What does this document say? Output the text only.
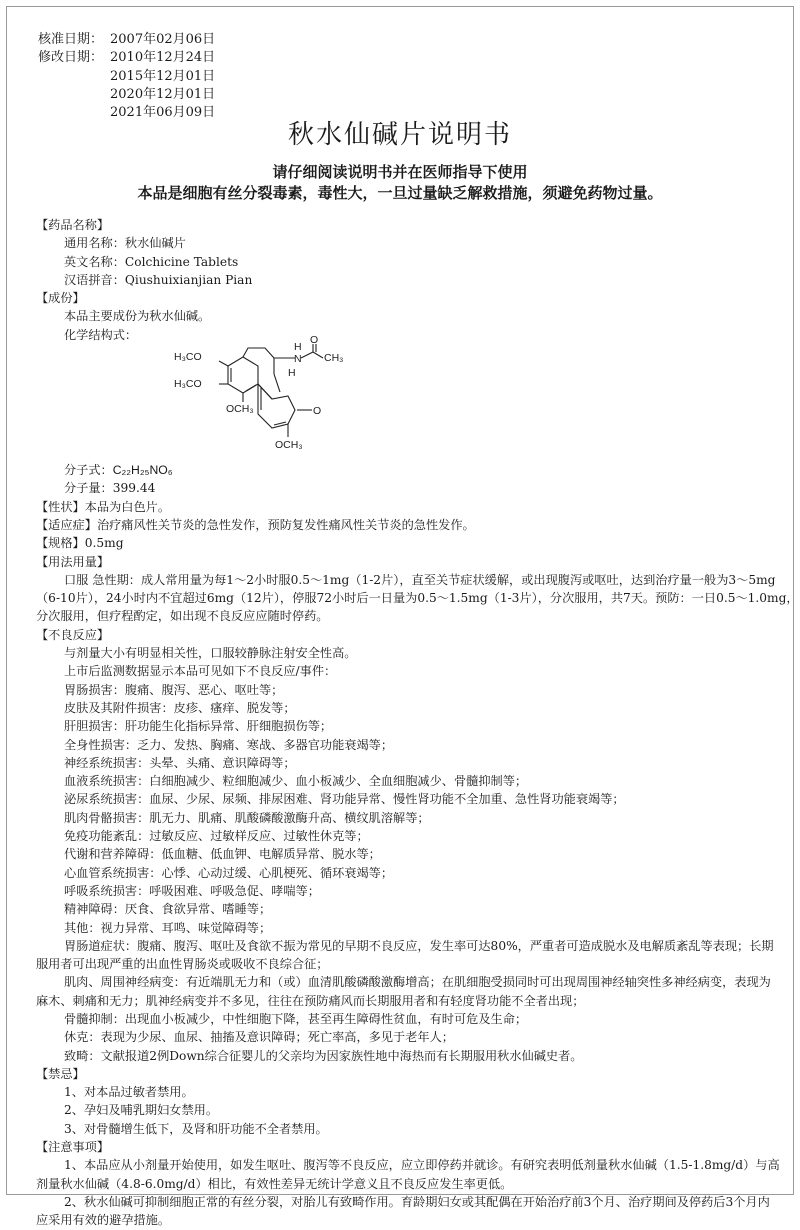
核准日期： 2007年02月06日
修改日期： 2010年12月24日
2015年12月01日
2020年12月01日
2021年06月09日
秋水仙碱片说明书
请仔细阅读说明书并在医师指导下使用
本品是细胞有丝分裂毒素，毒性大，一旦过量缺乏解救措施，须避免药物过量。
【药品名称】
通用名称：秋水仙碱片
英文名称：Colchicine Tablets
汉语拼音：Qiushuixianjian Pian
【成份】
本品主要成份为秋水仙碱。
化学结构式：
H₃CO
H₃CO
OCH₃
OCH₃
O
N
H
H
CH₃
O
分子式：C₂₂H₂₅NO₆
分子量：399.44
【性状】本品为白色片。
【适应症】治疗痛风性关节炎的急性发作，预防复发性痛风性关节炎的急性发作。
【规格】0.5mg
【用法用量】
口服 急性期：成人常用量为每1～2小时服0.5～1mg（1-2片），直至关节症状缓解，或出现腹泻或呕吐，达到治疗量一般为3～5mg
（6-10片），24小时内不宜超过6mg（12片），停服72小时后一日量为0.5～1.5mg（1-3片），分次服用，共7天。预防：一日0.5～1.0mg，
分次服用，但疗程酌定，如出现不良反应应随时停药。
【不良反应】
与剂量大小有明显相关性，口服较静脉注射安全性高。
上市后监测数据显示本品可见如下不良反应/事件：
胃肠损害：腹痛、腹泻、恶心、呕吐等；
皮肤及其附件损害：皮疹、瘙痒、脱发等；
肝胆损害：肝功能生化指标异常、肝细胞损伤等；
全身性损害：乏力、发热、胸痛、寒战、多器官功能衰竭等；
神经系统损害：头晕、头痛、意识障碍等；
血液系统损害：白细胞减少、粒细胞减少、血小板减少、全血细胞减少、骨髓抑制等；
泌尿系统损害：血尿、少尿、尿频、排尿困难、肾功能异常、慢性肾功能不全加重、急性肾功能衰竭等；
肌肉骨骼损害：肌无力、肌痛、肌酸磷酸激酶升高、横纹肌溶解等；
免疫功能紊乱：过敏反应、过敏样反应、过敏性休克等；
代谢和营养障碍：低血糖、低血钾、电解质异常、脱水等；
心血管系统损害：心悸、心动过缓、心肌梗死、循环衰竭等；
呼吸系统损害：呼吸困难、呼吸急促、哮喘等；
精神障碍：厌食、食欲异常、嗜睡等；
其他：视力异常、耳鸣、味觉障碍等；
胃肠道症状：腹痛、腹泻、呕吐及食欲不振为常见的早期不良反应，发生率可达80%，严重者可造成脱水及电解质紊乱等表现；长期
服用者可出现严重的出血性胃肠炎或吸收不良综合征；
肌肉、周围神经病变：有近端肌无力和（或）血清肌酸磷酸激酶增高；在肌细胞受损同时可出现周围神经轴突性多神经病变，表现为
麻木、刺痛和无力；肌神经病变并不多见，往往在预防痛风而长期服用者和有轻度肾功能不全者出现；
骨髓抑制：出现血小板减少，中性细胞下降，甚至再生障碍性贫血，有时可危及生命；
休克：表现为少尿、血尿、抽搐及意识障碍；死亡率高，多见于老年人；
致畸：文献报道2例Down综合征婴儿的父亲均为因家族性地中海热而有长期服用秋水仙碱史者。
【禁忌】
1、对本品过敏者禁用。
2、孕妇及哺乳期妇女禁用。
3、对骨髓增生低下，及肾和肝功能不全者禁用。
【注意事项】
1、本品应从小剂量开始使用，如发生呕吐、腹泻等不良反应，应立即停药并就诊。有研究表明低剂量秋水仙碱（1.5-1.8mg/d）与高
剂量秋水仙碱（4.8-6.0mg/d）相比，有效性差异无统计学意义且不良反应发生率更低。
2、秋水仙碱可抑制细胞正常的有丝分裂，对胎儿有致畸作用。育龄期妇女或其配偶在开始治疗前3个月、治疗期间及停药后3个月内
应采用有效的避孕措施。
